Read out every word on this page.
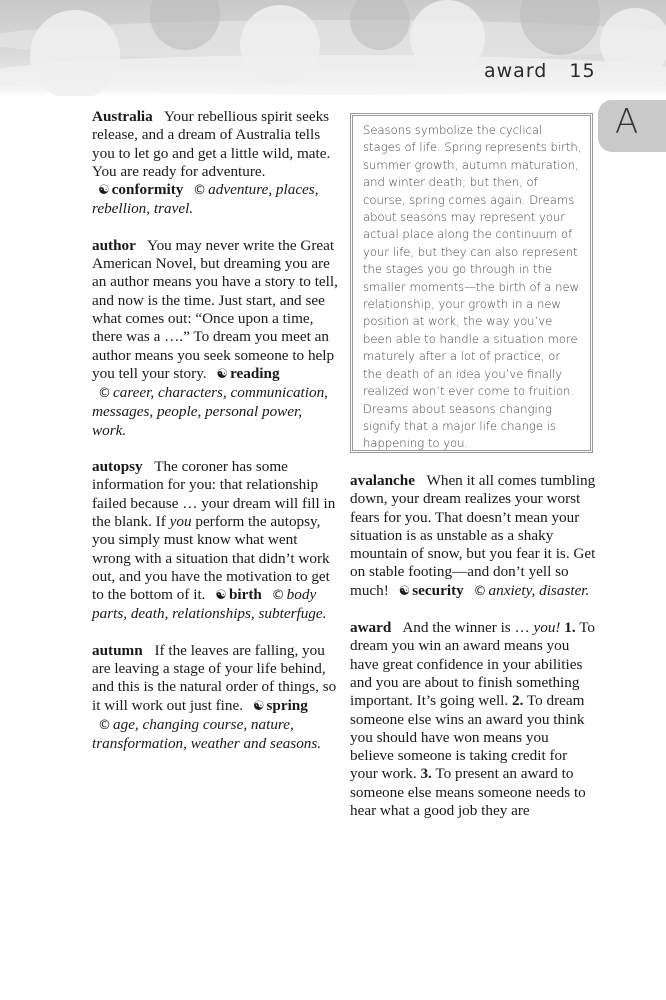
award 15
A

Australia Your rebellious spirit seeks release, and a dream of Australia tells you to let go and get a little wild, mate. You are ready for adventure. ☯ conformity © adventure, places, rebellion, travel.

author You may never write the Great American Novel, but dreaming you are an author means you have a story to tell, and now is the time. Just start, and see what comes out: “Once upon a time, there was a ….” To dream you meet an author means you seek someone to help you tell your story. ☯ reading © career, characters, communication, messages, people, personal power, work.

autopsy The coroner has some information for you: that relationship failed because … your dream will fill in the blank. If you perform the autopsy, you simply must know what went wrong with a situation that didn’t work out, and you have the motivation to get to the bottom of it. ☯ birth © body parts, death, relationships, subterfuge.

autumn If the leaves are falling, you are leaving a stage of your life behind, and this is the natural order of things, so it will work out just fine. ☯ spring © age, changing course, nature, transformation, weather and seasons.

Seasons symbolize the cyclical stages of life. Spring represents birth, summer growth, autumn maturation, and winter death; but then, of course, spring comes again. Dreams about seasons may represent your actual place along the continuum of your life, but they can also represent the stages you go through in the smaller moments—the birth of a new relationship, your growth in a new position at work, the way you’ve been able to handle a situation more maturely after a lot of practice, or the death of an idea you’ve finally realized won’t ever come to fruition. Dreams about seasons changing signify that a major life change is happening to you.

avalanche When it all comes tumbling down, your dream realizes your worst fears for you. That doesn’t mean your situation is as unstable as a shaky mountain of snow, but you fear it is. Get on stable footing—and don’t yell so much! ☯ security © anxiety, disaster.

award And the winner is … you! 1. To dream you win an award means you have great confidence in your abilities and you are about to finish something important. It’s going well. 2. To dream someone else wins an award you think you should have won means you believe someone is taking credit for your work. 3. To present an award to someone else means someone needs to hear what a good job they are
